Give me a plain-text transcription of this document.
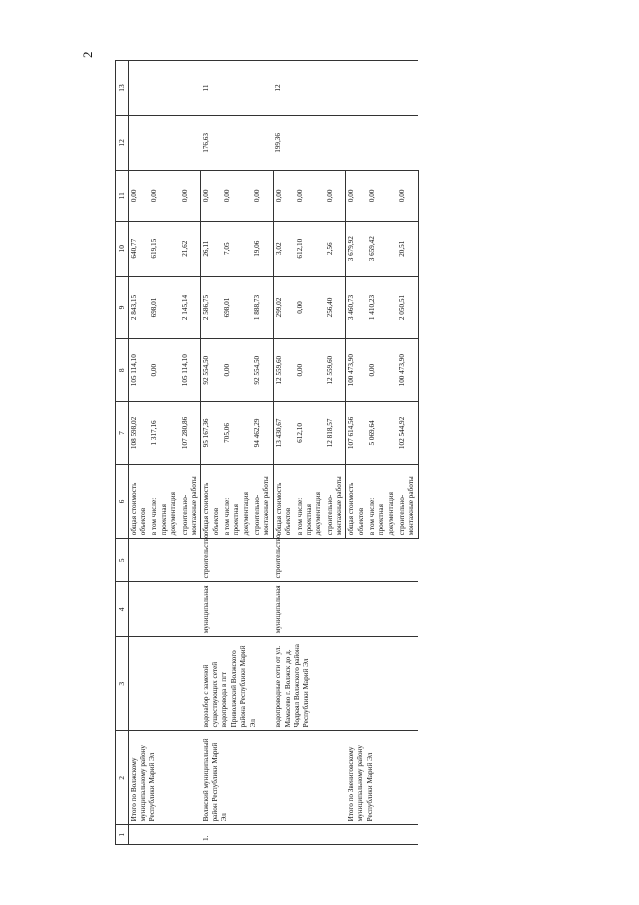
2
1	2	3	4	5	6	7	8	9	10	11	12	13
	Итого по Волжскому муниципальному району Республики Марий Эл				общая стоимость объектов	108 598,02	105 114,10	2 843,15	640,77	0,00		
					в том числе: проектная документация	1 317,16	0,00	698,01	619,15	0,00		
					строительно-монтажные работы	107 280,86	105 114,10	2 145,14	21,62	0,00		
1.	Волжский муниципальный район Республики Марий Эл	водозабор с заменой существующих сетей водопровода в пгт Приволжский Волжского района Республики Марий Эл	муниципальная	строительство	общая стоимость объектов	95 167,36	92 554,50	2 586,75	26,11	0,00	176,63	11
					в том числе: проектная документация	705,06	0,00	698,01	7,05	0,00		
					строительно-монтажные работы	94 462,29	92 554,50	1 888,73	19,06	0,00		
		водопроводные сети от ул. Мамасево г. Волжск до д. Чодраял Волжского района Республики Марий Эл	муниципальная	строительство	общая стоимость объектов	13 430,67	12 559,60	299,02	3,02	0,00	199,36	12
					в том числе: проектная документация	612,10	0,00	0,00	612,10	0,00		
					строительно-монтажные работы	12 818,57	12 559,60	256,40	2,56	0,00		
	Итого по Звениговскому муниципальному району Республики Марий Эл				общая стоимость объектов	107 614,56	100 473,90	3 460,73	3 679,92	0,00		
					в том числе: проектная документация	5 069,64	0,00	1 410,23	3 659,42	0,00		
					строительно-монтажные работы	102 544,92	100 473,90	2 050,51	20,51	0,00		
